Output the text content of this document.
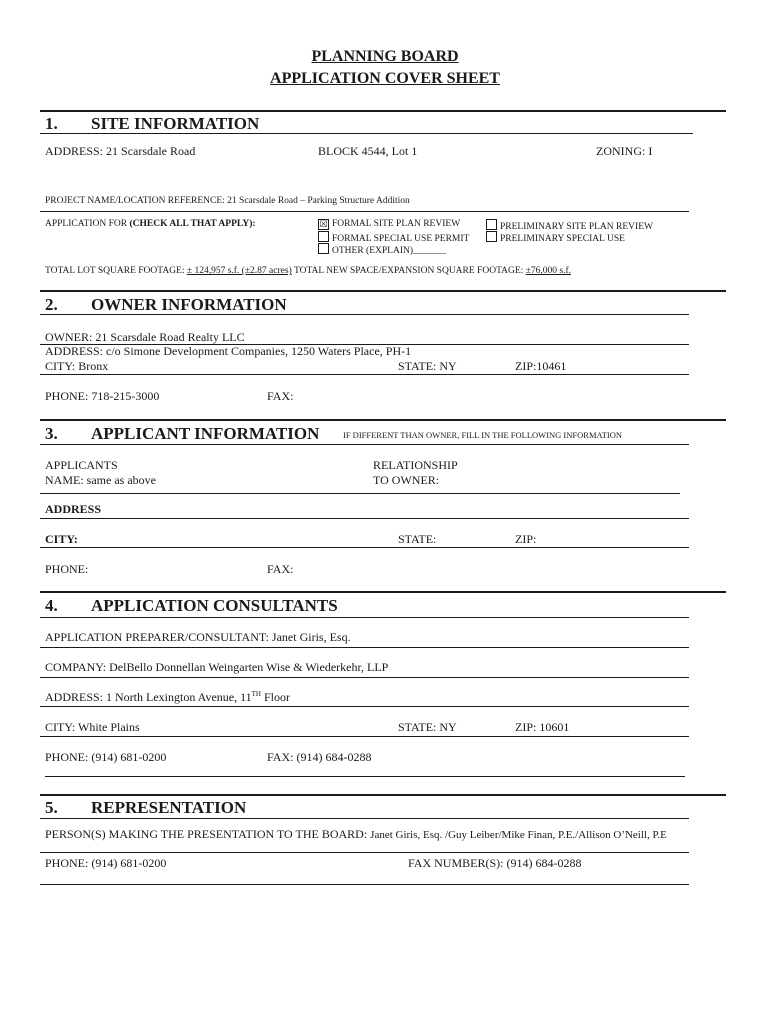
PLANNING BOARD
APPLICATION COVER SHEET
1. SITE INFORMATION
ADDRESS: 21 Scarsdale Road	BLOCK 4544, Lot 1	ZONING: I
PROJECT NAME/LOCATION REFERENCE: 21 Scarsdale Road – Parking Structure Addition
APPLICATION FOR (CHECK ALL THAT APPLY):	☒ FORMAL SITE PLAN REVIEW
FORMAL SPECIAL USE PERMIT
OTHER (EXPLAIN)_______
PRELIMINARY SITE PLAN REVIEW
PRELIMINARY SPECIAL USE
TOTAL LOT SQUARE FOOTAGE: ± 124,957 s.f. (±2.87 acres) TOTAL NEW SPACE/EXPANSION SQUARE FOOTAGE: ±76,000 s.f.
2. OWNER INFORMATION
OWNER: 21 Scarsdale Road Realty LLC
ADDRESS: c/o Simone Development Companies, 1250 Waters Place, PH-1
CITY: Bronx	STATE: NY	ZIP:10461
PHONE: 718-215-3000	FAX:
3. APPLICANT INFORMATION	IF DIFFERENT THAN OWNER, FILL IN THE FOLLOWING INFORMATION
APPLICANTS
NAME: same as above
RELATIONSHIP
TO OWNER:
ADDRESS
CITY:	STATE:	ZIP:
PHONE:	FAX:
4. APPLICATION CONSULTANTS
APPLICATION PREPARER/CONSULTANT: Janet Giris, Esq.
COMPANY: DelBello Donnellan Weingarten Wise & Wiederkehr, LLP
ADDRESS: 1 North Lexington Avenue, 11TH Floor
CITY: White Plains	STATE: NY	ZIP: 10601
PHONE: (914) 681-0200	FAX: (914) 684-0288
5. REPRESENTATION
PERSON(S) MAKING THE PRESENTATION TO THE BOARD: Janet Giris, Esq. /Guy Leiber/Mike Finan, P.E./Allison O’Neill, P.E
PHONE: (914) 681-0200	FAX NUMBER(S): (914) 684-0288
